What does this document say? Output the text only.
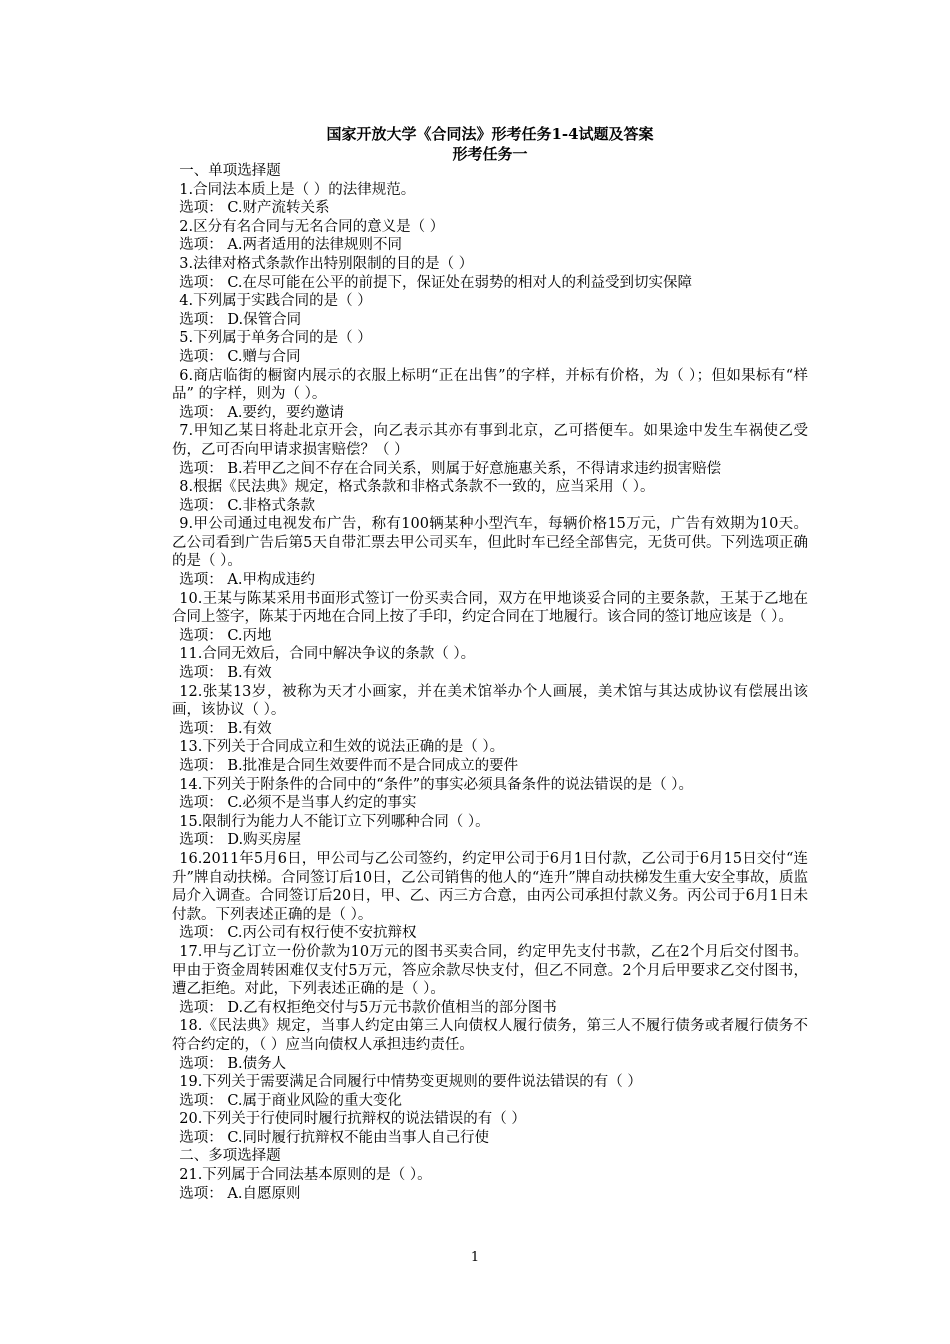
国家开放大学《合同法》形考任务1-4试题及答案
形考任务一
一、单项选择题
1.合同法本质上是（ ）的法律规范。
选项： C.财产流转关系
2.区分有名合同与无名合同的意义是（ ）
选项： A.两者适用的法律规则不同
3.法律对格式条款作出特别限制的目的是（ ）
选项： C.在尽可能在公平的前提下，保证处在弱势的相对人的利益受到切实保障
4.下列属于实践合同的是（ ）
选项： D.保管合同
5.下列属于单务合同的是（ ）
选项： C.赠与合同
6.商店临街的橱窗内展示的衣服上标明“正在出售”的字样，并标有价格，为（ ）；但如果标有“样品” 的字样，则为（ ）。
选项： A.要约，要约邀请
7.甲知乙某日将赴北京开会，向乙表示其亦有事到北京，乙可搭便车。如果途中发生车祸使乙受伤，乙可否向甲请求损害赔偿？（ ）
选项： B.若甲乙之间不存在合同关系，则属于好意施惠关系，不得请求违约损害赔偿
8.根据《民法典》规定，格式条款和非格式条款不一致的，应当采用（ ）。
选项： C.非格式条款
9.甲公司通过电视发布广告，称有100辆某种小型汽车，每辆价格15万元，广告有效期为10天。乙公司看到广告后第5天自带汇票去甲公司买车，但此时车已经全部售完，无货可供。下列选项正确的是（ ）。
选项： A.甲构成违约
10.王某与陈某采用书面形式签订一份买卖合同，双方在甲地谈妥合同的主要条款，王某于乙地在合同上签字，陈某于丙地在合同上按了手印，约定合同在丁地履行。该合同的签订地应该是（ ）。
选项： C.丙地
11.合同无效后，合同中解决争议的条款（ ）。
选项： B.有效
12.张某13岁，被称为天才小画家，并在美术馆举办个人画展，美术馆与其达成协议有偿展出该画，该协议（ ）。
选项： B.有效
13.下列关于合同成立和生效的说法正确的是（ ）。
选项： B.批准是合同生效要件而不是合同成立的要件
14.下列关于附条件的合同中的“条件”的事实必须具备条件的说法错误的是（ ）。
选项： C.必须不是当事人约定的事实
15.限制行为能力人不能订立下列哪种合同（ ）。
选项： D.购买房屋
16.2011年5月6日，甲公司与乙公司签约，约定甲公司于6月1日付款，乙公司于6月15日交付“连升”牌自动扶梯。合同签订后10日，乙公司销售的他人的“连升”牌自动扶梯发生重大安全事故，质监局介入调查。合同签订后20日，甲、乙、丙三方合意，由丙公司承担付款义务。丙公司于6月1日未付款。下列表述正确的是（ ）。
选项： C.丙公司有权行使不安抗辩权
17.甲与乙订立一份价款为10万元的图书买卖合同，约定甲先支付书款，乙在2个月后交付图书。甲由于资金周转困难仅支付5万元，答应余款尽快支付，但乙不同意。2个月后甲要求乙交付图书，遭乙拒绝。对此，下列表述正确的是（ ）。
选项： D.乙有权拒绝交付与5万元书款价值相当的部分图书
18.《民法典》规定，当事人约定由第三人向债权人履行债务，第三人不履行债务或者履行债务不符合约定的，（ ）应当向债权人承担违约责任。
选项： B.债务人
19.下列关于需要满足合同履行中情势变更规则的要件说法错误的有（ ）
选项： C.属于商业风险的重大变化
20.下列关于行使同时履行抗辩权的说法错误的有（ ）
选项： C.同时履行抗辩权不能由当事人自己行使
二、多项选择题
21.下列属于合同法基本原则的是（ ）。
选项： A.自愿原则
1
